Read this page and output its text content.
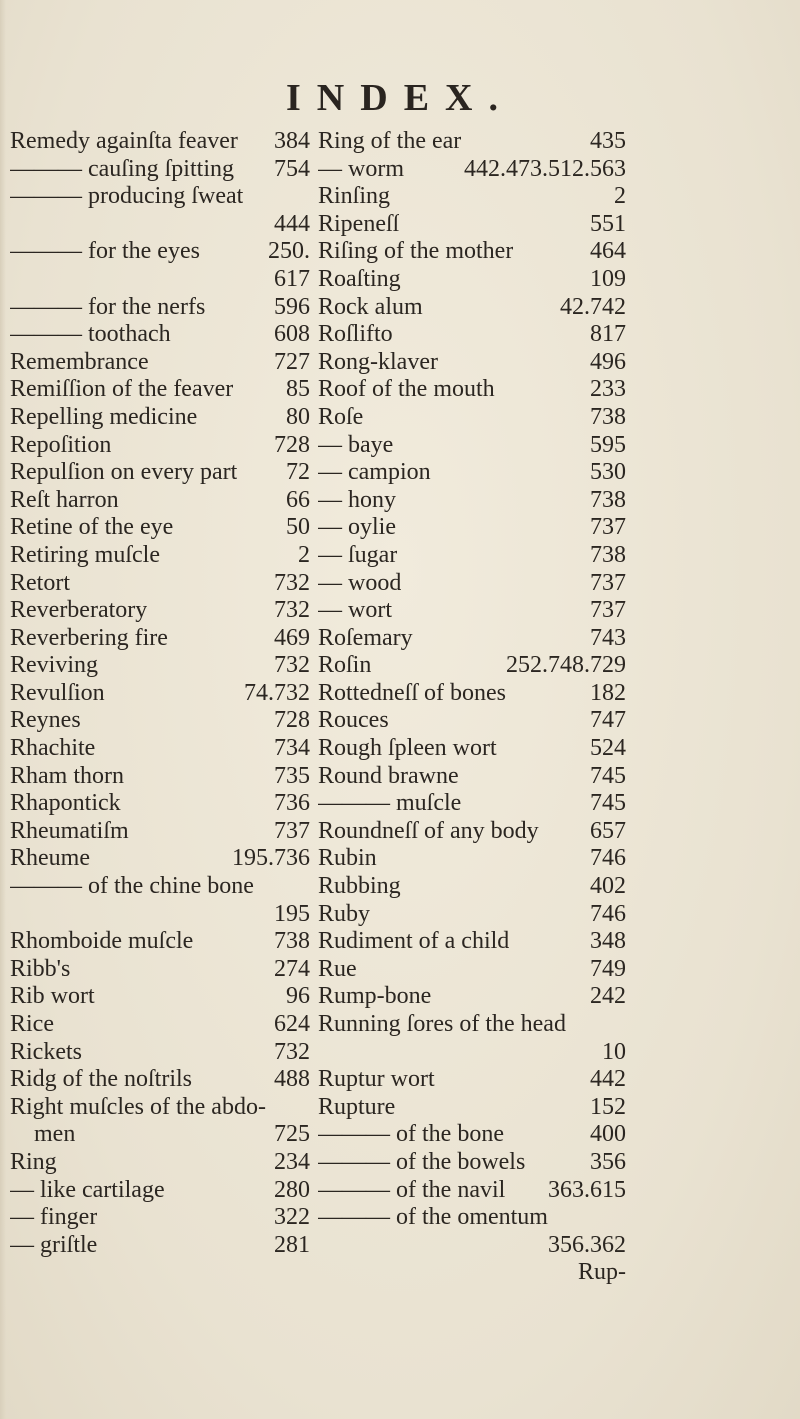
INDEX.
Remedy againſta feaver 384
——— cauſing ſpitting 754
——— producing ſweat
444
——— for the eyes	250.
617
——— for the nerfs	596
——— toothach	608
Remembrance	727
Remiſſion of the feaver 85
Repelling medicine	80
Repoſition	728
Repulſion on every part 72
Reſt harron	66
Retine of the eye	50
Retiring muſcle	2
Retort	732
Reverberatory	732
Reverbering fire	469
Reviving	732
Revulſion	74.732
Reynes	728
Rhachite	734
Rham thorn	735
Rhapontick	736
Rheumatiſm	737
Rheume	195.736
——— of the chine bone
195
Rhomboide muſcle	738
Ribb's	274
Rib wort	96
Rice	624
Rickets	732
Ridg of the noſtrils	488
Right muſcles of the abdo-
men	725
Ring	234
— like cartilage	280
— finger	322
— griſtle	281
Ring of the ear	435
— worm	442.473.512.563
Rinſing	2
Ripeneſſ	551
Riſing of the mother	464
Roaſting	109
Rock alum	42.742
Roſlifto	817
Rong-klaver	496
Roof of the mouth	233
Roſe	738
— baye	595
— campion	530
— hony	738
— oylie	737
— ſugar	738
— wood	737
— wort	737
Roſemary	743
Roſin	252.748.729
Rottedneſſ of bones	182
Rouces	747
Rough ſpleen wort	524
Round brawne	745
——— muſcle	745
Roundneſſ of any body 657
Rubin	746
Rubbing	402
Ruby	746
Rudiment of a child	348
Rue	749
Rump-bone	242
Running ſores of the head
10
Ruptur wort	442
Rupture	152
——— of the bone	400
——— of the bowels	356
——— of the navil 363.615
——— of the omentum
356.362
Rup-
